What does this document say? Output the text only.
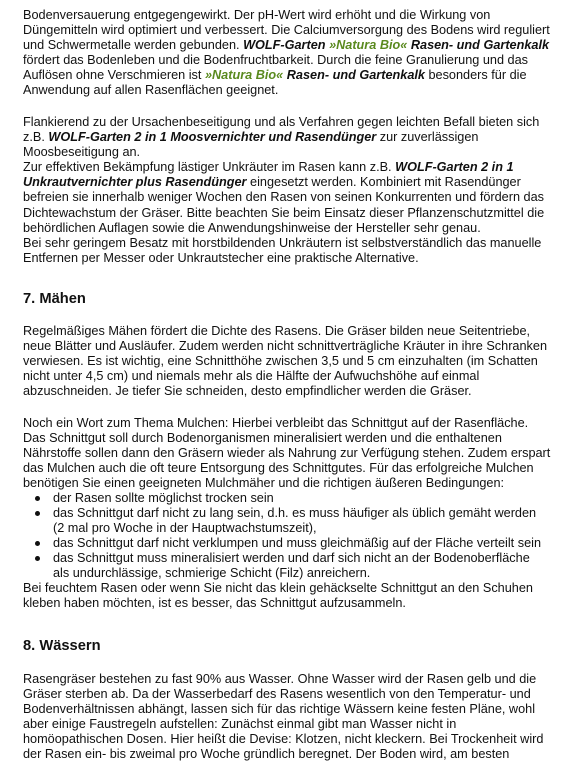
Bodenversauerung entgegengewirkt. Der pH-Wert wird erhöht und die Wirkung von
Düngemitteln wird optimiert und verbessert. Die Calciumversorgung des Bodens wird reguliert
und Schwermetalle werden gebunden. WOLF-Garten »Natura Bio« Rasen- und Gartenkalk
fördert das Bodenleben und die Bodenfruchtbarkeit. Durch die feine Granulierung und das
Auflösen ohne Verschmieren ist »Natura Bio« Rasen- und Gartenkalk besonders für die
Anwendung auf allen Rasenflächen geeignet.

Flankierend zu der Ursachenbeseitigung und als Verfahren gegen leichten Befall bieten sich
z.B. WOLF-Garten 2 in 1 Moosvernichter und Rasendünger zur zuverlässigen
Moosbeseitigung an.
Zur effektiven Bekämpfung lästiger Unkräuter im Rasen kann z.B. WOLF-Garten 2 in 1
Unkrautvernichter plus Rasendünger eingesetzt werden. Kombiniert mit Rasendünger
befreien sie innerhalb weniger Wochen den Rasen von seinen Konkurrenten und fördern das
Dichtewachstum der Gräser. Bitte beachten Sie beim Einsatz dieser Pflanzenschutzmittel die
behördlichen Auflagen sowie die Anwendungshinweise der Hersteller sehr genau.
Bei sehr geringem Besatz mit horstbildenden Unkräutern ist selbstverständlich das manuelle
Entfernen per Messer oder Unkrautstecher eine praktische Alternative.

7. Mähen

Regelmäßiges Mähen fördert die Dichte des Rasens. Die Gräser bilden neue Seitentriebe,
neue Blätter und Ausläufer. Zudem werden nicht schnittverträgliche Kräuter in ihre Schranken
verwiesen. Es ist wichtig, eine Schnitthöhe zwischen 3,5 und 5 cm einzuhalten (im Schatten
nicht unter 4,5 cm) und niemals mehr als die Hälfte der Aufwuchshöhe auf einmal
abzuschneiden. Je tiefer Sie schneiden, desto empfindlicher werden die Gräser.

Noch ein Wort zum Thema Mulchen: Hierbei verbleibt das Schnittgut auf der Rasenfläche.
Das Schnittgut soll durch Bodenorganismen mineralisiert werden und die enthaltenen
Nährstoffe sollen dann den Gräsern wieder als Nahrung zur Verfügung stehen. Zudem erspart
das Mulchen auch die oft teure Entsorgung des Schnittgutes. Für das erfolgreiche Mulchen
benötigen Sie einen geeigneten Mulchmäher und die richtigen äußeren Bedingungen:

der Rasen sollte möglichst trocken sein
das Schnittgut darf nicht zu lang sein, d.h. es muss häufiger als üblich gemäht werden
(2 mal pro Woche in der Hauptwachstumszeit),
das Schnittgut darf nicht verklumpen und muss gleichmäßig auf der Fläche verteilt sein
das Schnittgut muss mineralisiert werden und darf sich nicht an der Bodenoberfläche
als undurchlässige, schmierige Schicht (Filz) anreichern.

Bei feuchtem Rasen oder wenn Sie nicht das klein gehäckselte Schnittgut an den Schuhen
kleben haben möchten, ist es besser, das Schnittgut aufzusammeln.

8. Wässern

Rasengräser bestehen zu fast 90% aus Wasser. Ohne Wasser wird der Rasen gelb und die
Gräser sterben ab. Da der Wasserbedarf des Rasens wesentlich von den Temperatur- und
Bodenverhältnissen abhängt, lassen sich für das richtige Wässern keine festen Pläne, wohl
aber einige Faustregeln aufstellen: Zunächst einmal gibt man Wasser nicht in
homöopathischen Dosen. Hier heißt die Devise: Klotzen, nicht kleckern. Bei Trockenheit wird
der Rasen ein- bis zweimal pro Woche gründlich beregnet. Der Boden wird, am besten
